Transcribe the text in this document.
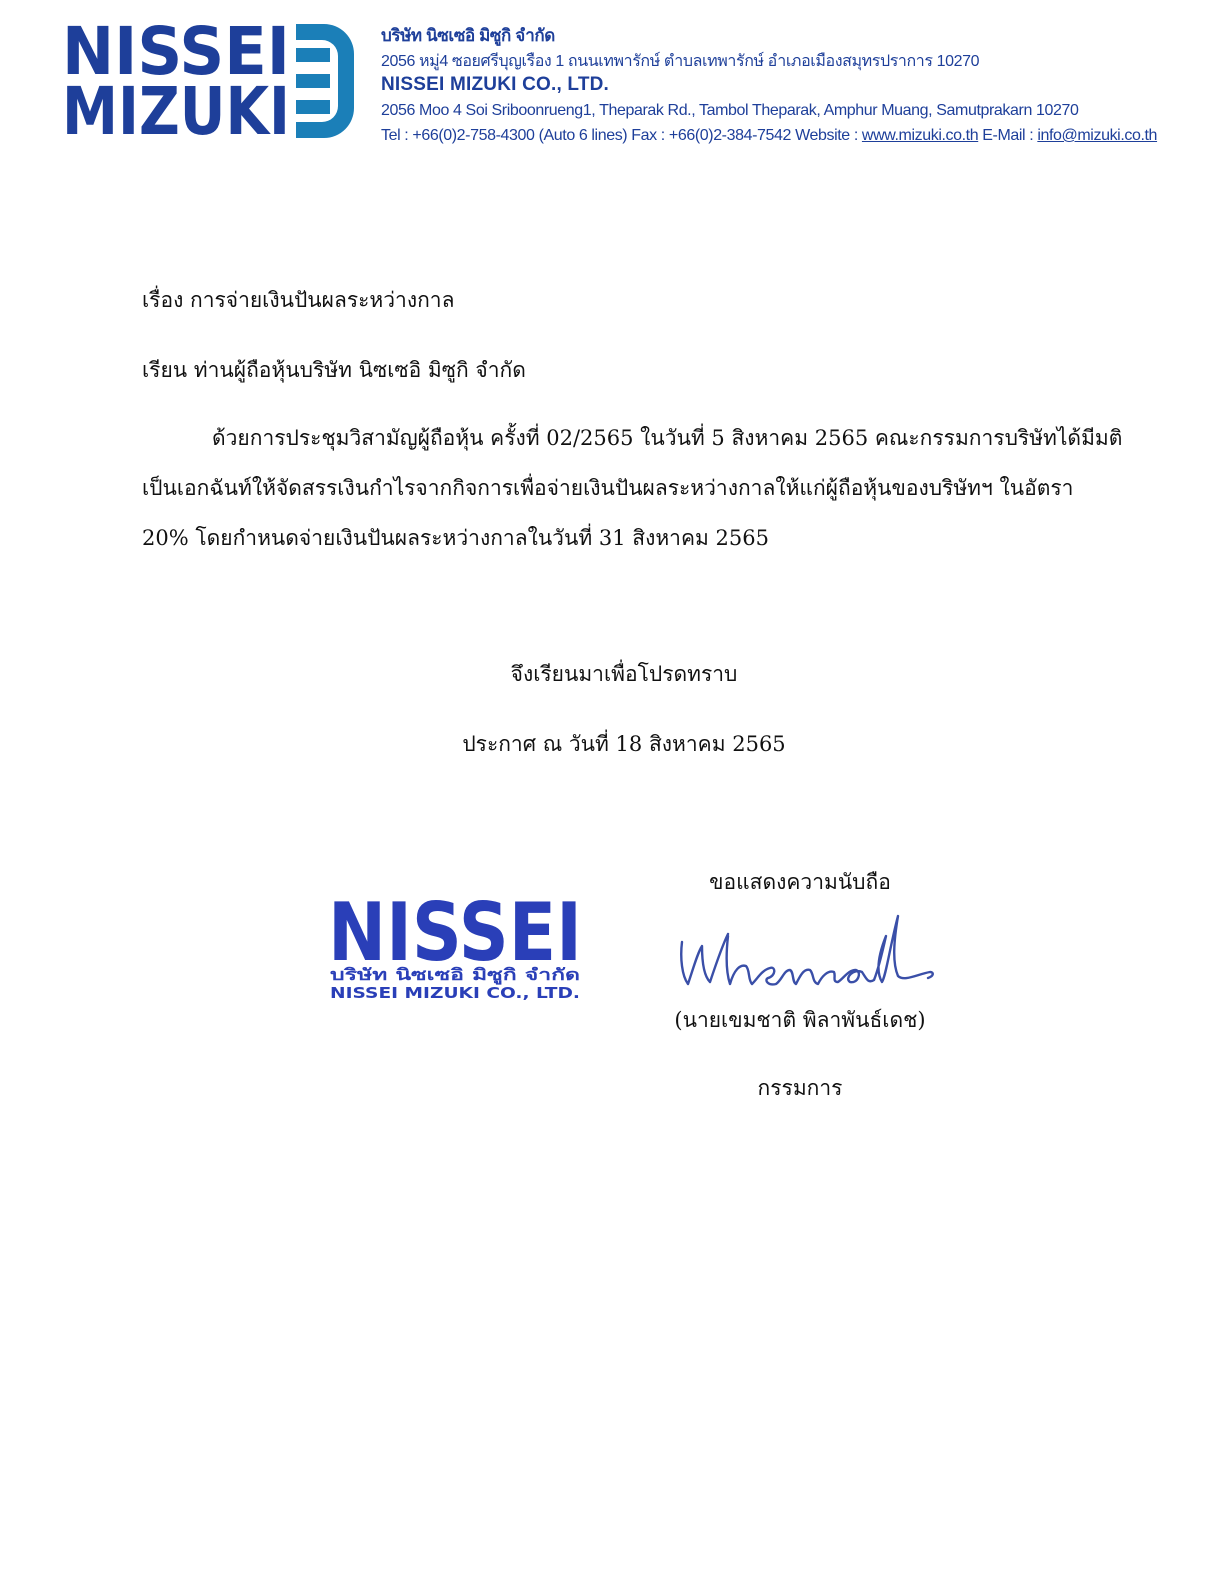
NISSEI
MIZUKI
บริษัท นิซเซอิ มิซูกิ จำกัด
2056 หมู่4 ซอยศรีบุญเรือง 1 ถนนเทพารักษ์ ตำบลเทพารักษ์ อำเภอเมืองสมุทรปราการ 10270
NISSEI MIZUKI CO., LTD.
2056 Moo 4 Soi Sriboonrueng1, Theparak Rd., Tambol Theparak, Amphur Muang, Samutprakarn 10270
Tel : +66(0)2-758-4300 (Auto 6 lines) Fax : +66(0)2-384-7542 Website : www.mizuki.co.th E-Mail : info@mizuki.co.th
เรื่อง การจ่ายเงินปันผลระหว่างกาล
เรียน ท่านผู้ถือหุ้นบริษัท นิซเซอิ มิซูกิ จำกัด
ด้วยการประชุมวิสามัญผู้ถือหุ้น ครั้งที่ 02/2565 ในวันที่ 5 สิงหาคม 2565 คณะกรรมการบริษัทได้มีมติ
เป็นเอกฉันท์ให้จัดสรรเงินกำไรจากกิจการเพื่อจ่ายเงินปันผลระหว่างกาลให้แก่ผู้ถือหุ้นของบริษัทฯ ในอัตรา
20% โดยกำหนดจ่ายเงินปันผลระหว่างกาลในวันที่ 31 สิงหาคม 2565
จึงเรียนมาเพื่อโปรดทราบ
ประกาศ ณ วันที่ 18 สิงหาคม 2565
ขอแสดงความนับถือ
NISSEI
บริษัท นิซเซอิ มิซูกิ จำกัด
NISSEI MIZUKI CO., LTD.
(นายเขมชาติ พิลาพันธ์เดช)
กรรมการ
